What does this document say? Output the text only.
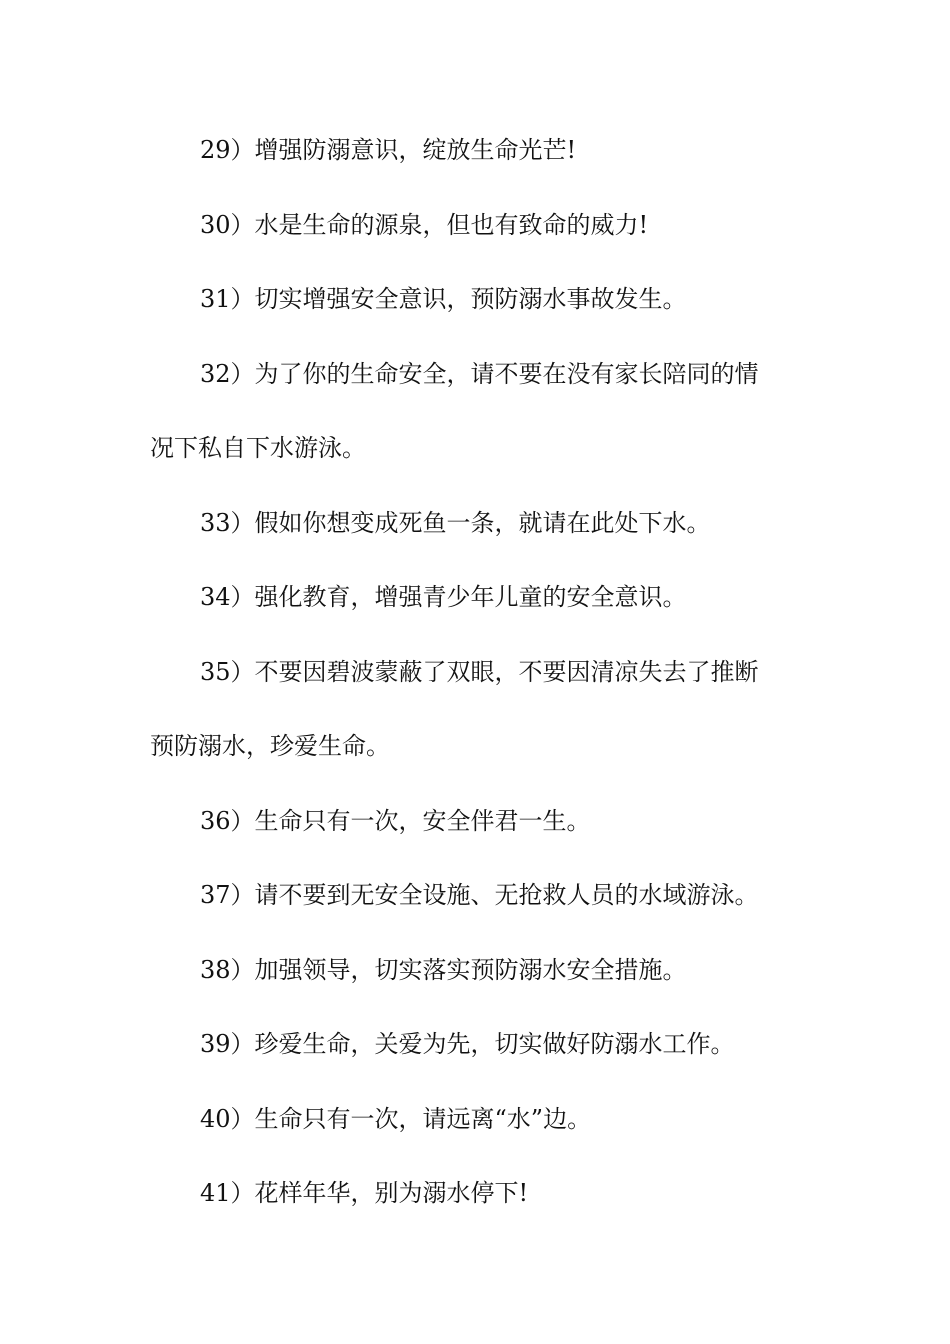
29）增强防溺意识，绽放生命光芒!

30）水是生命的源泉，但也有致命的威力!

31）切实增强安全意识，预防溺水事故发生。

32）为了你的生命安全，请不要在没有家长陪同的情

况下私自下水游泳。

33）假如你想变成死鱼一条，就请在此处下水。

34）强化教育，增强青少年儿童的安全意识。

35）不要因碧波蒙蔽了双眼，不要因清凉失去了推断

预防溺水，珍爱生命。

36）生命只有一次，安全伴君一生。

37）请不要到无安全设施、无抢救人员的水域游泳。

38）加强领导，切实落实预防溺水安全措施。

39）珍爱生命，关爱为先，切实做好防溺水工作。

40）生命只有一次，请远离“水”边。

41）花样年华，别为溺水停下!
